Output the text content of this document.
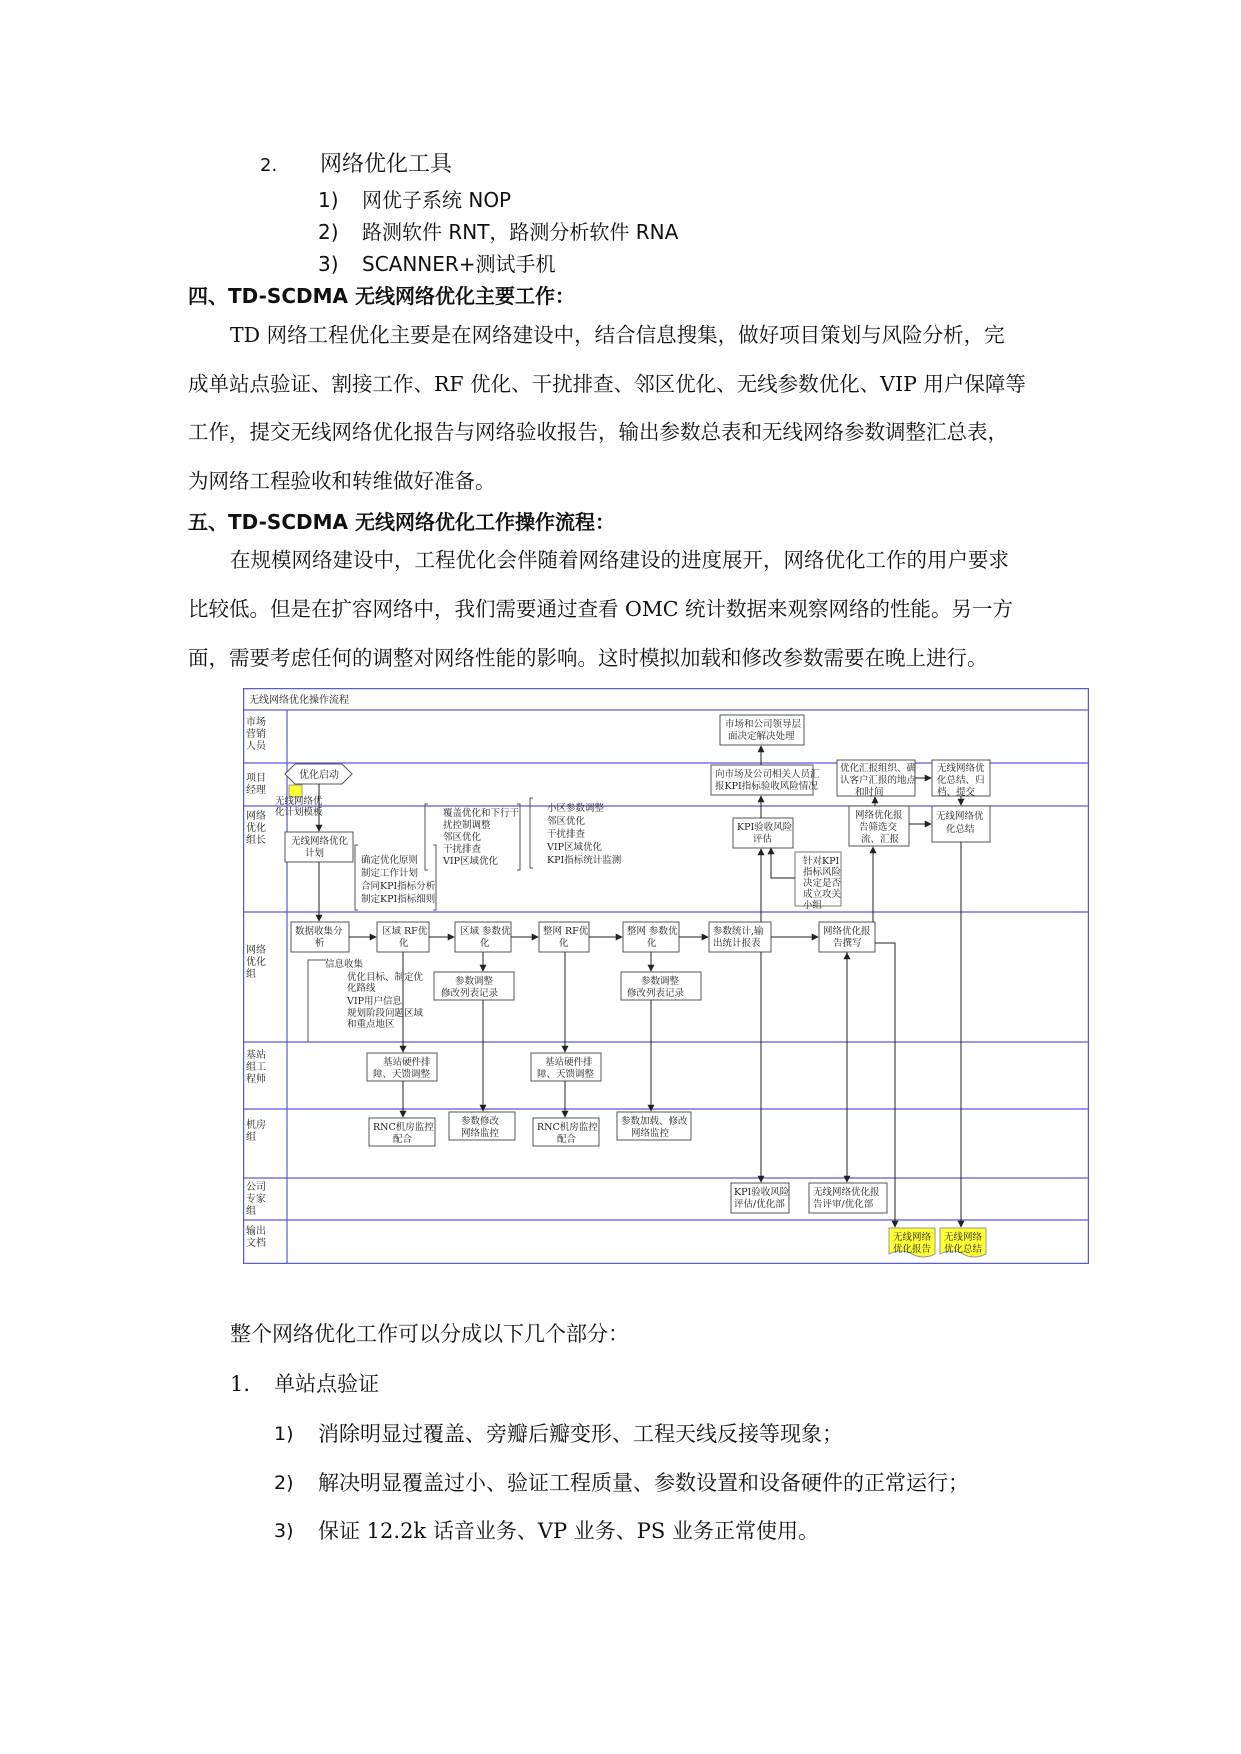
2. 网络优化工具
1) 网优子系统 NOP
2) 路测软件 RNT，路测分析软件 RNA
3) SCANNER+测试手机
四、TD-SCDMA 无线网络优化主要工作：
TD 网络工程优化主要是在网络建设中，结合信息搜集，做好项目策划与风险分析，完
成单站点验证、割接工作、RF 优化、干扰排查、邻区优化、无线参数优化、VIP 用户保障等
工作，提交无线网络优化报告与网络验收报告，输出参数总表和无线网络参数调整汇总表，
为网络工程验收和转维做好准备。
五、TD-SCDMA 无线网络优化工作操作流程：
在规模网络建设中，工程优化会伴随着网络建设的进度展开，网络优化工作的用户要求
比较低。但是在扩容网络中，我们需要通过查看 OMC 统计数据来观察网络的性能。另一方
面，需要考虑任何的调整对网络性能的影响。这时模拟加载和修改参数需要在晚上进行。
无线网络优化操作流程
市场营销人员
项目经理
网络优化组长
网络优化组
基站组工程师
机房组
公司专家组
输出文档
优化启动
无线网络优化计划模板
无线网络优化计划
确定优化原则制定工作计划合同KPI指标分析制定KPI指标细则
覆盖优化和下行干扰控制调整邻区优化干扰排查 VIP区域优化
小区参数调整邻区优化干扰排查 VIP区域优化 KPI指标统计监测
市场和公司领导层面决定解决处理
向市场及公司相关人员汇报KPI指标验收风险情况
优化汇报组织、确认客户汇报的地点和时间
无线网络优化总结、归档、提交
KPI验收风险评估
针对KPI 指标风险决定是否成立攻关小组
网络优化报告筛选交流、汇报
无线网络优化总结
数据收集分析
区域 RF优化
区域 参数优化
整网 RF优化
整网 参数优化
参数统计,输出统计报表
网络优化报告撰写
信息收集
优化目标、制定优化路线 VIP用户信息规划阶段问题区域和重点地区
参数调整修改列表记录
参数调整修改列表记录
基站硬件排障、天馈调整
基站硬件排障、天馈调整
RNC机房监控配合
参数修改网络监控
RNC机房监控配合
参数加载、修改网络监控
KPI验收风险评估/优化部
无线网络优化报告评审/优化部
无线网络优化报告
无线网络优化总结
整个网络优化工作可以分成以下几个部分：
1. 单站点验证
1) 消除明显过覆盖、旁瓣后瓣变形、工程天线反接等现象；
2) 解决明显覆盖过小、验证工程质量、参数设置和设备硬件的正常运行；
3) 保证 12.2k 话音业务、VP 业务、PS 业务正常使用。
